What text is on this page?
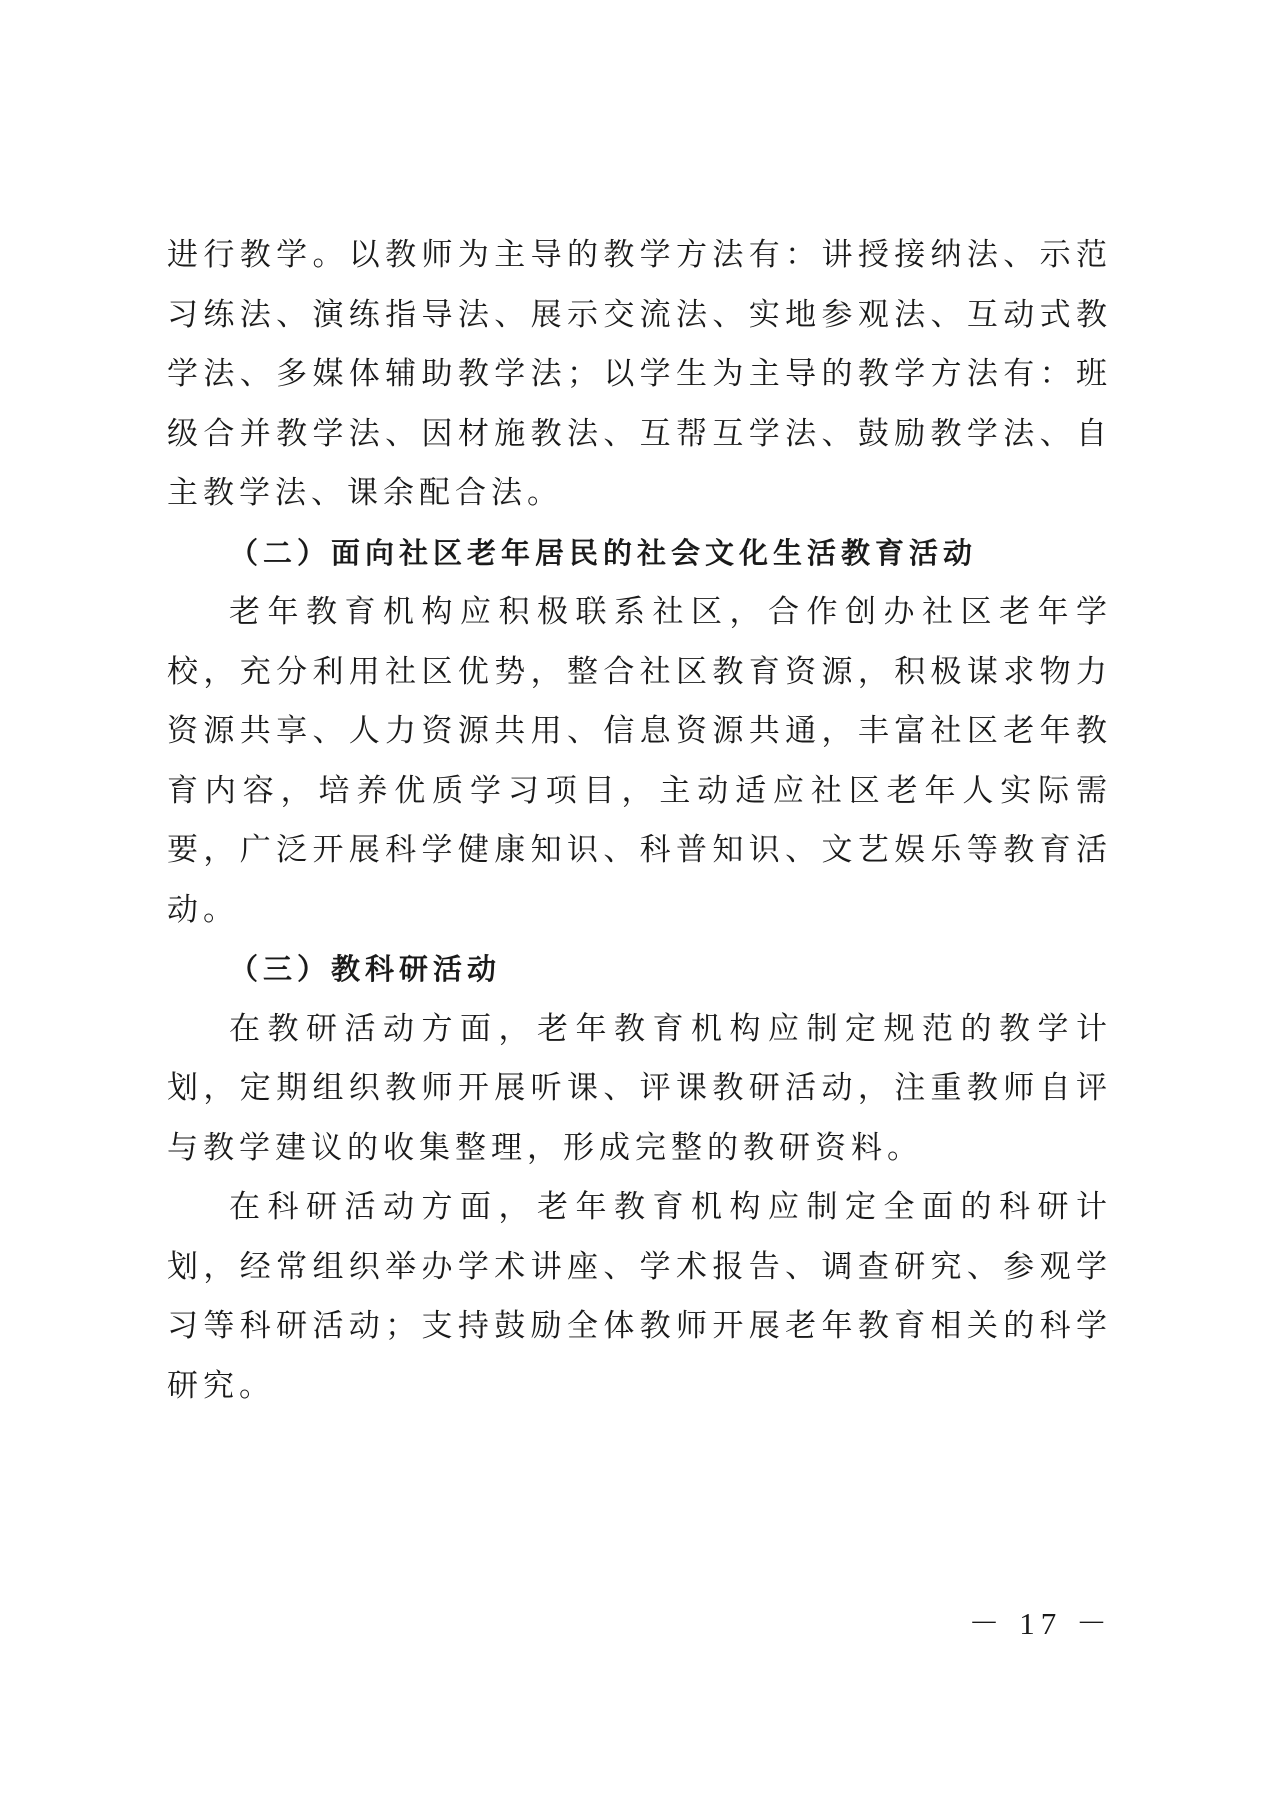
进行教学。以教师为主导的教学方法有：讲授接纳法、示范习练法、演练指导法、展示交流法、实地参观法、互动式教学法、多媒体辅助教学法；以学生为主导的教学方法有：班级合并教学法、因材施教法、互帮互学法、鼓励教学法、自主教学法、课余配合法。

（二）面向社区老年居民的社会文化生活教育活动

老年教育机构应积极联系社区，合作创办社区老年学校，充分利用社区优势，整合社区教育资源，积极谋求物力资源共享、人力资源共用、信息资源共通，丰富社区老年教育内容，培养优质学习项目，主动适应社区老年人实际需要，广泛开展科学健康知识、科普知识、文艺娱乐等教育活动。

（三）教科研活动

在教研活动方面，老年教育机构应制定规范的教学计划，定期组织教师开展听课、评课教研活动，注重教师自评与教学建议的收集整理，形成完整的教研资料。

在科研活动方面，老年教育机构应制定全面的科研计划，经常组织举办学术讲座、学术报告、调查研究、参观学习等科研活动；支持鼓励全体教师开展老年教育相关的科学研究。

－ 17 －
